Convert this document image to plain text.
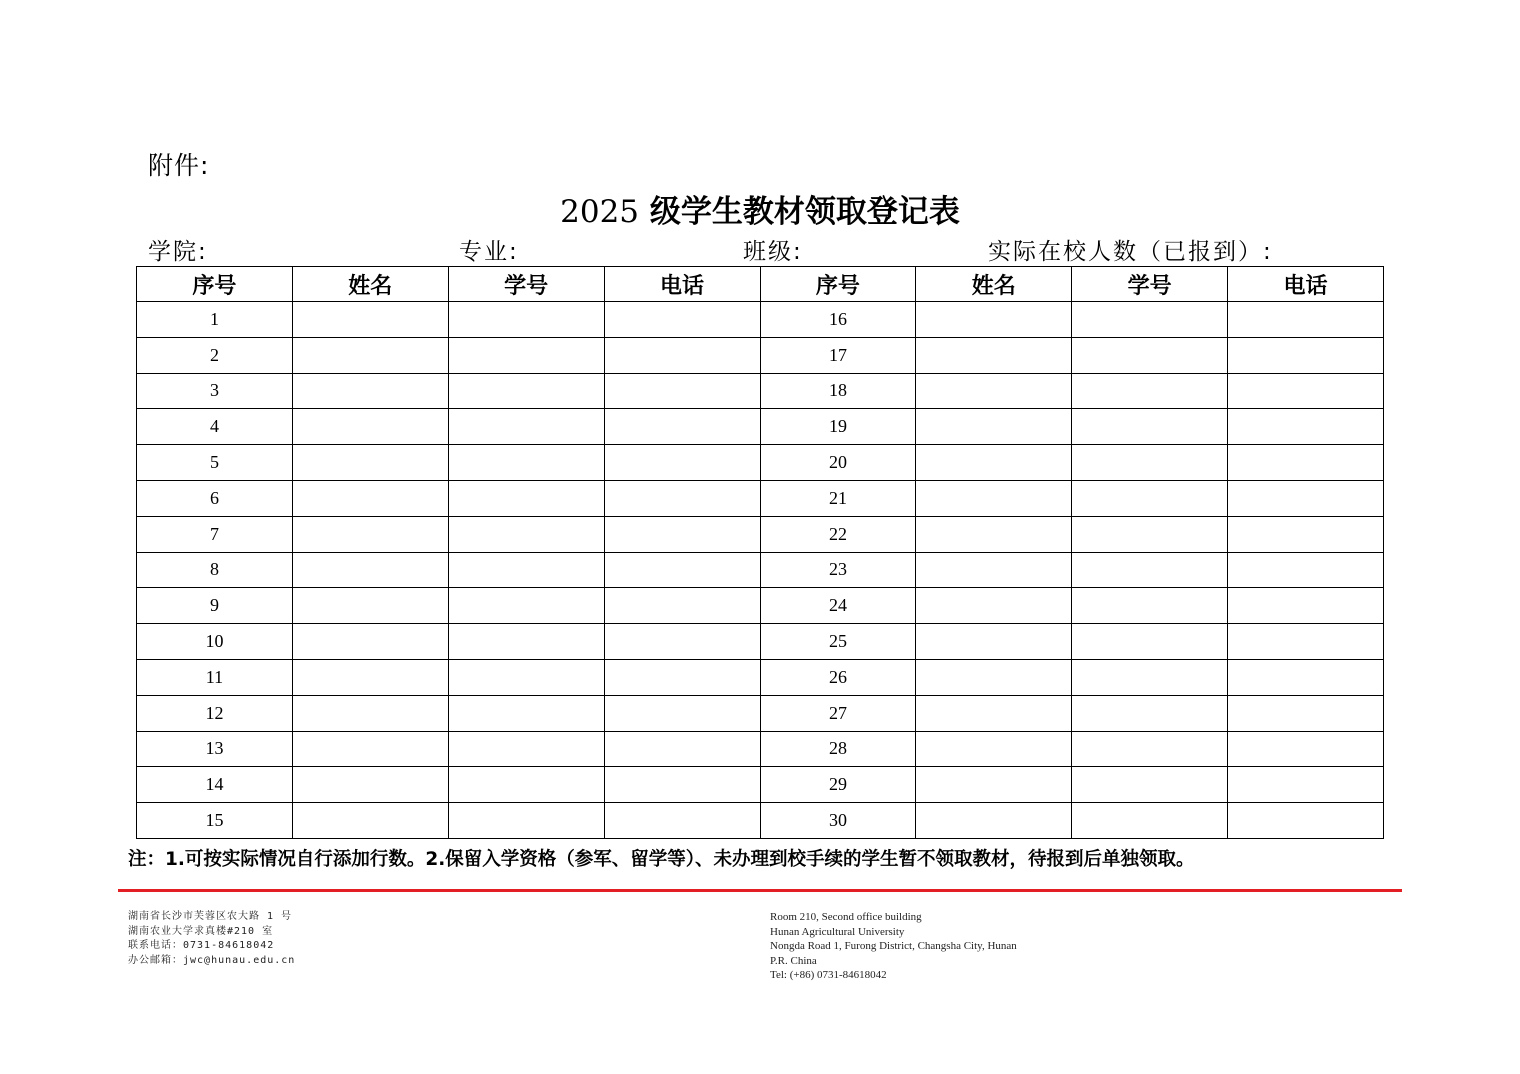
附件:
2025 级学生教材领取登记表
学院:	专业:	班级:	实际在校人数（已报到）:
序号	姓名	学号	电话	序号	姓名	学号	电话
1				16			
2				17			
3				18			
4				19			
5				20			
6				21			
7				22			
8				23			
9				24			
10				25			
11				26			
12				27			
13				28			
14				29			
15				30			
注：1.可按实际情况自行添加行数。2.保留入学资格（参军、留学等）、未办理到校手续的学生暂不领取教材，待报到后单独领取。
湖南省长沙市芙蓉区农大路 1 号
湖南农业大学求真楼#210 室
联系电话：0731-84618042
办公邮箱：jwc@hunau.edu.cn
Room 210, Second office building
Hunan Agricultural University
Nongda Road 1, Furong District, Changsha City, Hunan
P.R. China
Tel: (+86) 0731-84618042
